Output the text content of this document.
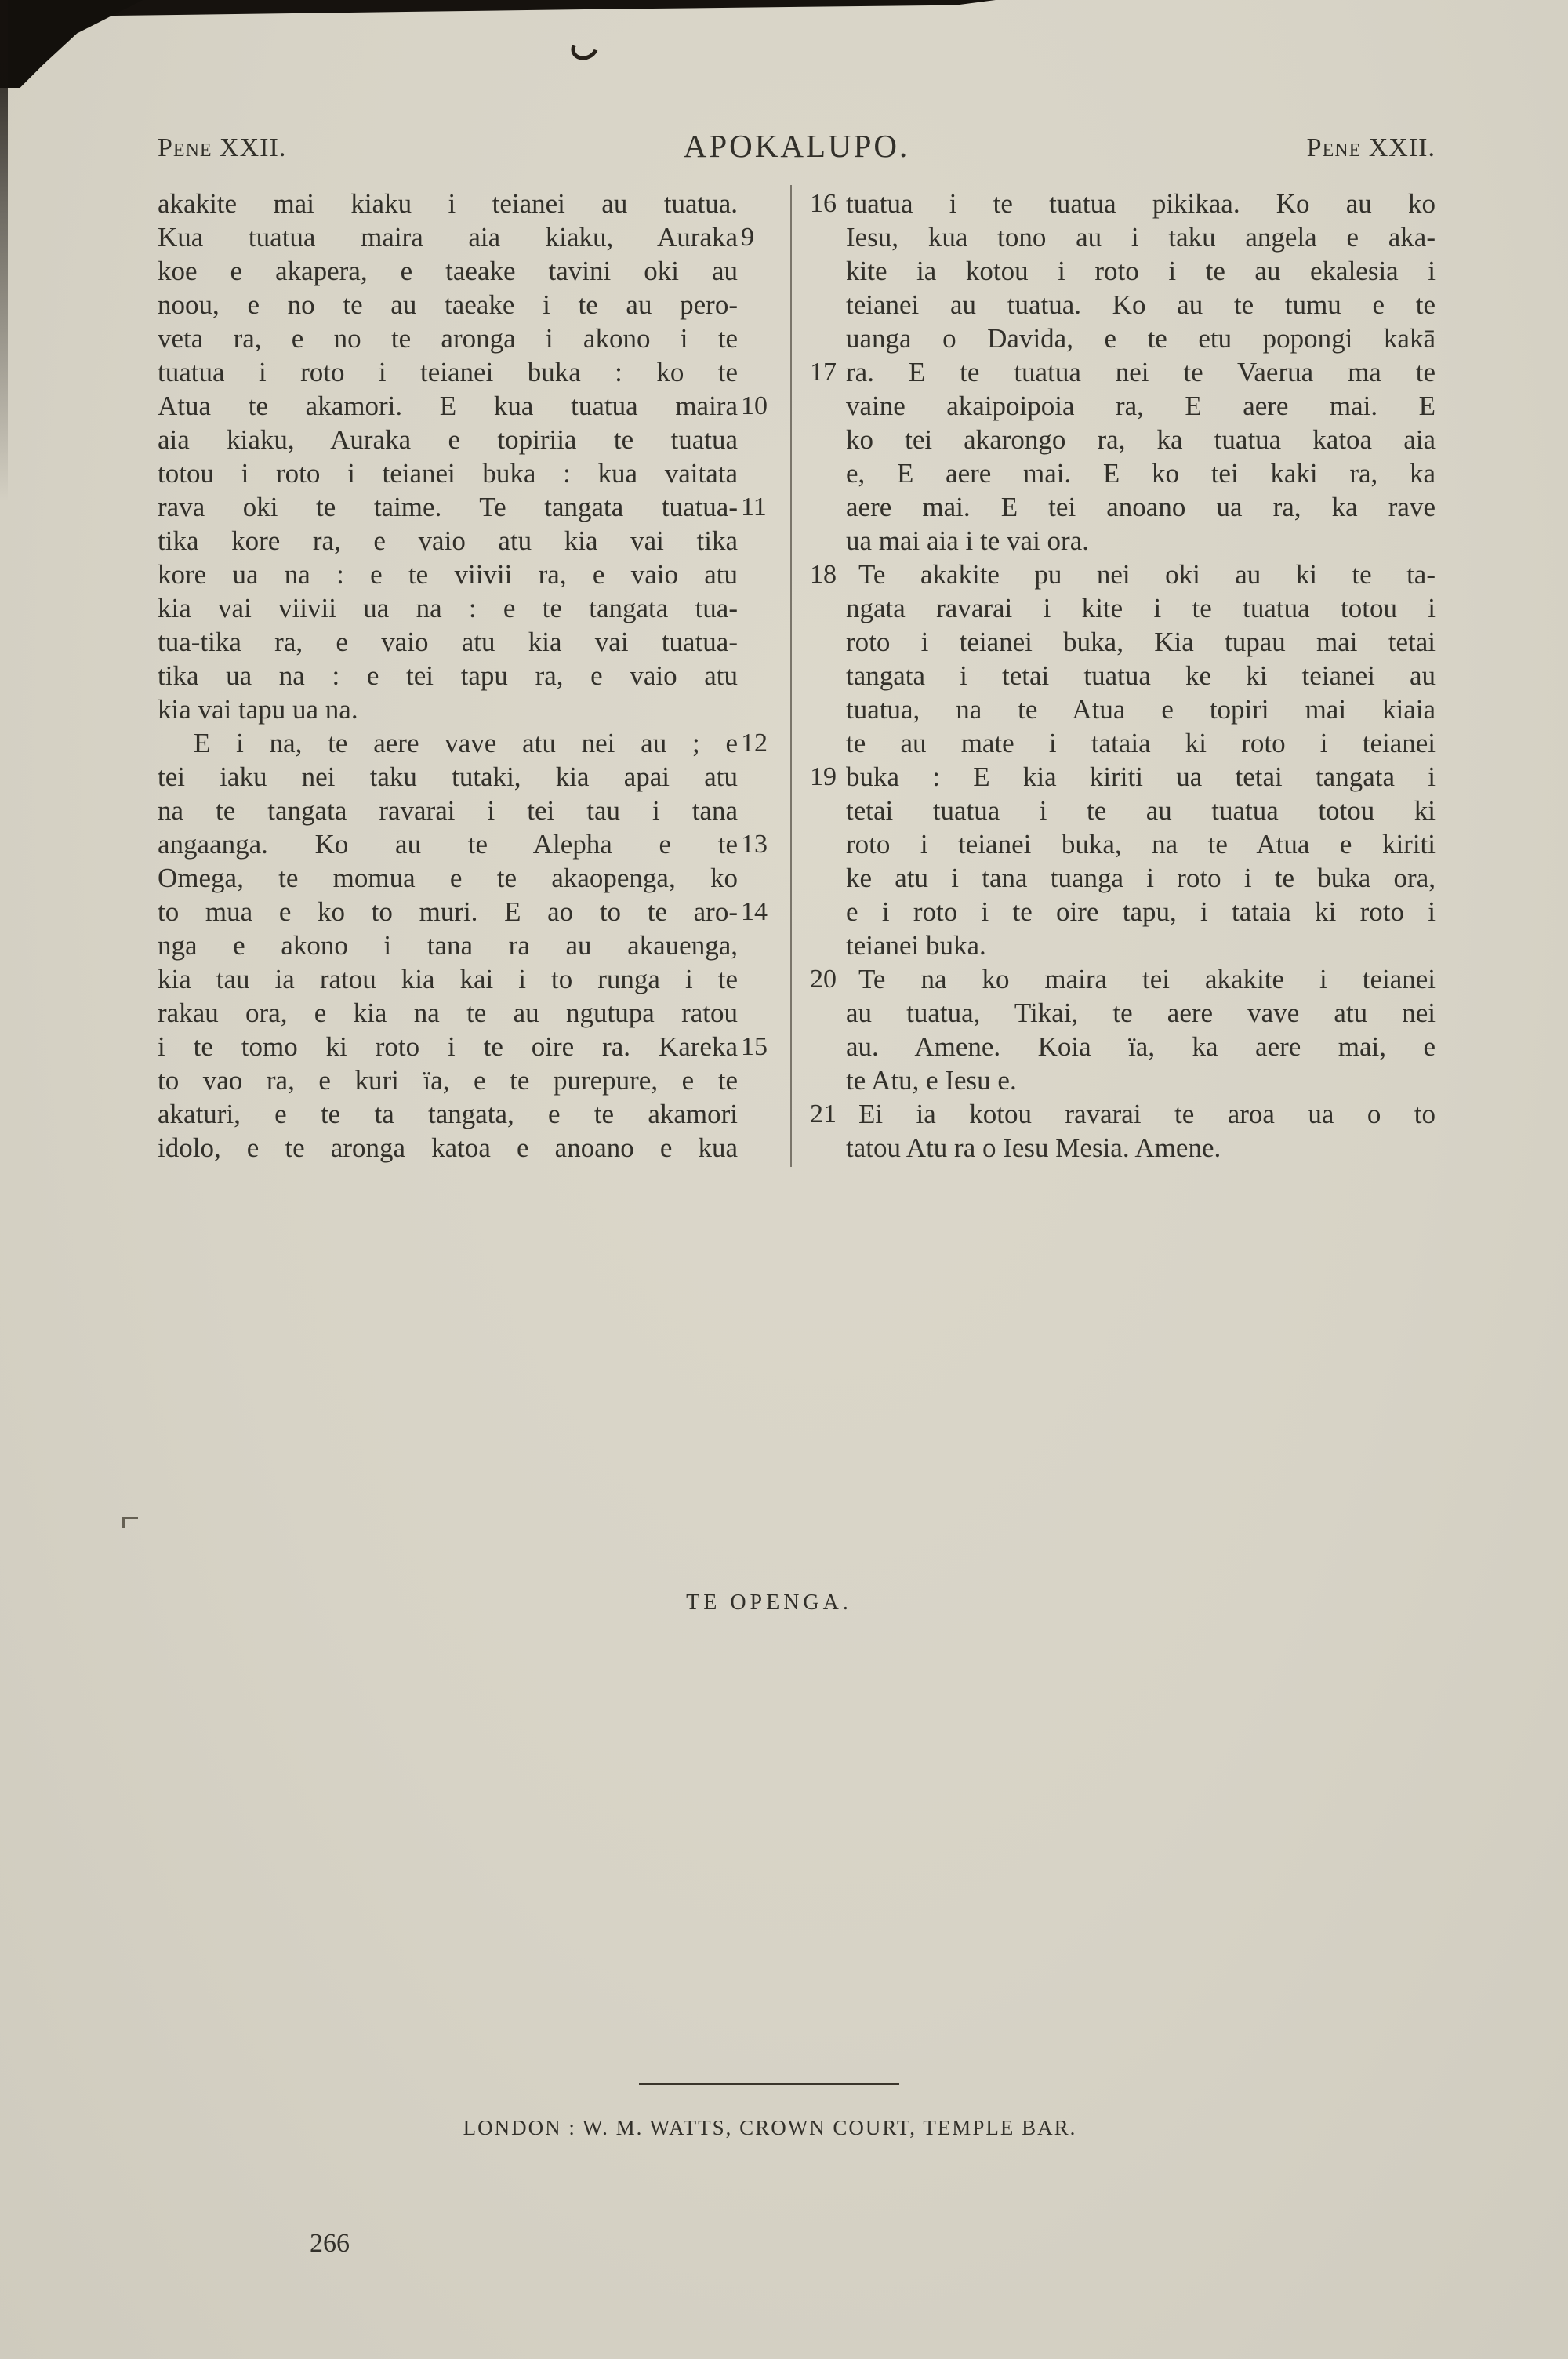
Pene XXII.	APOKALUPO.	Pene XXII.
akakite mai kiaku i teianei au tuatua.
9
Kua tuatua maira aia kiaku, Auraka
koe e akapera, e taeake tavini oki au
noou, e no te au taeake i te au pero-
veta ra, e no te aronga i akono i te
tuatua i roto i teianei buka : ko te
10
Atua te akamori. E kua tuatua maira
aia kiaku, Auraka e topiriia te tuatua
totou i roto i teianei buka : kua vaitata
11
rava oki te taime. Te tangata tuatua-
tika kore ra, e vaio atu kia vai tika
kore ua na : e te viivii ra, e vaio atu
kia vai viivii ua na : e te tangata tua-
tua-tika ra, e vaio atu kia vai tuatua-
tika ua na : e tei tapu ra, e vaio atu
kia vai tapu ua na.
12
E i na, te aere vave atu nei au ; e
tei iaku nei taku tutaki, kia apai atu
na te tangata ravarai i tei tau i tana
13
angaanga. Ko au te Alepha e te
Omega, te momua e te akaopenga, ko
14
to mua e ko to muri. E ao to te aro-
nga e akono i tana ra au akauenga,
kia tau ia ratou kia kai i to runga i te
rakau ora, e kia na te au ngutupa ratou
15
i te tomo ki roto i te oire ra. Kareka
to vao ra, e kuri ïa, e te purepure, e te
akaturi, e te ta tangata, e te akamori
idolo, e te aronga katoa e anoano e kua
16 tuatua i te tuatua pikikaa. Ko au ko
Iesu, kua tono au i taku angela e aka-
kite ia kotou i roto i te au ekalesia i
teianei au tuatua. Ko au te tumu e te
uanga o Davida, e te etu popongi kakā
17 ra. E te tuatua nei te Vaerua ma te
vaine akaipoipoia ra, E aere mai. E
ko tei akarongo ra, ka tuatua katoa aia
e, E aere mai. E ko tei kaki ra, ka
aere mai. E tei anoano ua ra, ka rave
ua mai aia i te vai ora.
18 Te akakite pu nei oki au ki te ta-
ngata ravarai i kite i te tuatua totou i
roto i teianei buka, Kia tupau mai tetai
tangata i tetai tuatua ke ki teianei au
tuatua, na te Atua e topiri mai kiaia
te au mate i tataia ki roto i teianei
19 buka : E kia kiriti ua tetai tangata i
tetai tuatua i te au tuatua totou ki
roto i teianei buka, na te Atua e kiriti
ke atu i tana tuanga i roto i te buka ora,
e i roto i te oire tapu, i tataia ki roto i
teianei buka.
20 Te na ko maira tei akakite i teianei
au tuatua, Tikai, te aere vave atu nei
au. Amene. Koia ïa, ka aere mai, e
te Atu, e Iesu e.
21 Ei ia kotou ravarai te aroa ua o to
tatou Atu ra o Iesu Mesia. Amene.
TE OPENGA.
LONDON : W. M. WATTS, CROWN COURT, TEMPLE BAR.
266
